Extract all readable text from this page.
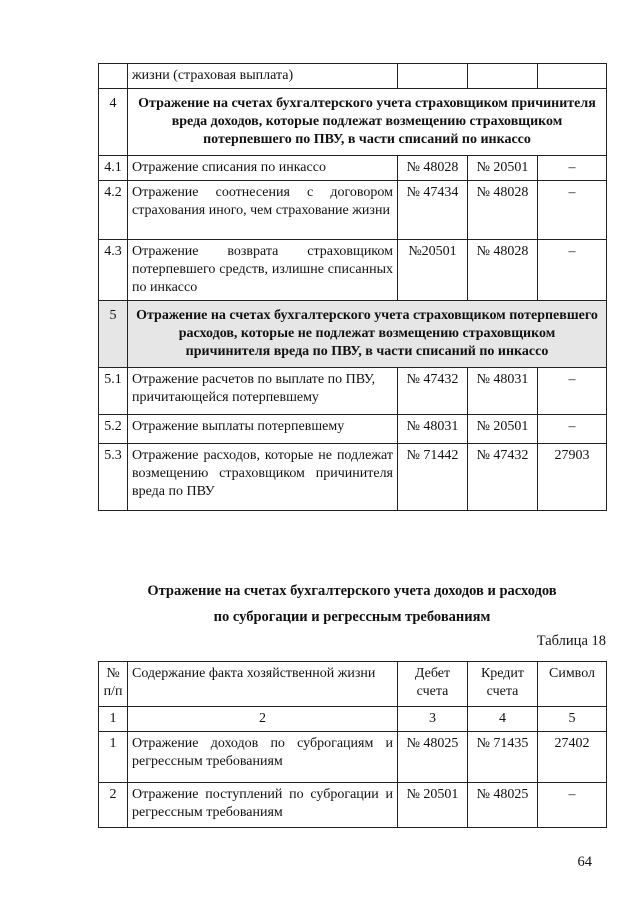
	жизни (страховая выплата)			
4	Отражение на счетах бухгалтерского учета страховщиком причинителя вреда доходов, которые подлежат возмещению страховщиком потерпевшего по ПВУ, в части списаний по инкассо			
4.1	Отражение списания по инкассо	№ 48028	№ 20501	–
4.2	Отражение соотнесения с договором страхования иного, чем страхование жизни	№ 47434	№ 48028	–
4.3	Отражение возврата страховщиком потерпевшего средств, излишне списанных по инкассо	№20501	№ 48028	–
5	Отражение на счетах бухгалтерского учета страховщиком потерпевшего расходов, которые не подлежат возмещению страховщиком причинителя вреда по ПВУ, в части списаний по инкассо			
5.1	Отражение расчетов по выплате по ПВУ, причитающейся потерпевшему	№ 47432	№ 48031	–
5.2	Отражение выплаты потерпевшему	№ 48031	№ 20501	–
5.3	Отражение расходов, которые не подлежат возмещению страховщиком причинителя вреда по ПВУ	№ 71442	№ 47432	27903
Отражение на счетах бухгалтерского учета доходов и расходов
по суброгации и регрессным требованиям
Таблица 18
№ п/п	Содержание факта хозяйственной жизни	Дебет счета	Кредит счета	Символ
1	2	3	4	5
1	Отражение доходов по суброгациям и регрессным требованиям	№ 48025	№ 71435	27402
2	Отражение поступлений по суброгации и регрессным требованиям	№ 20501	№ 48025	–
64
